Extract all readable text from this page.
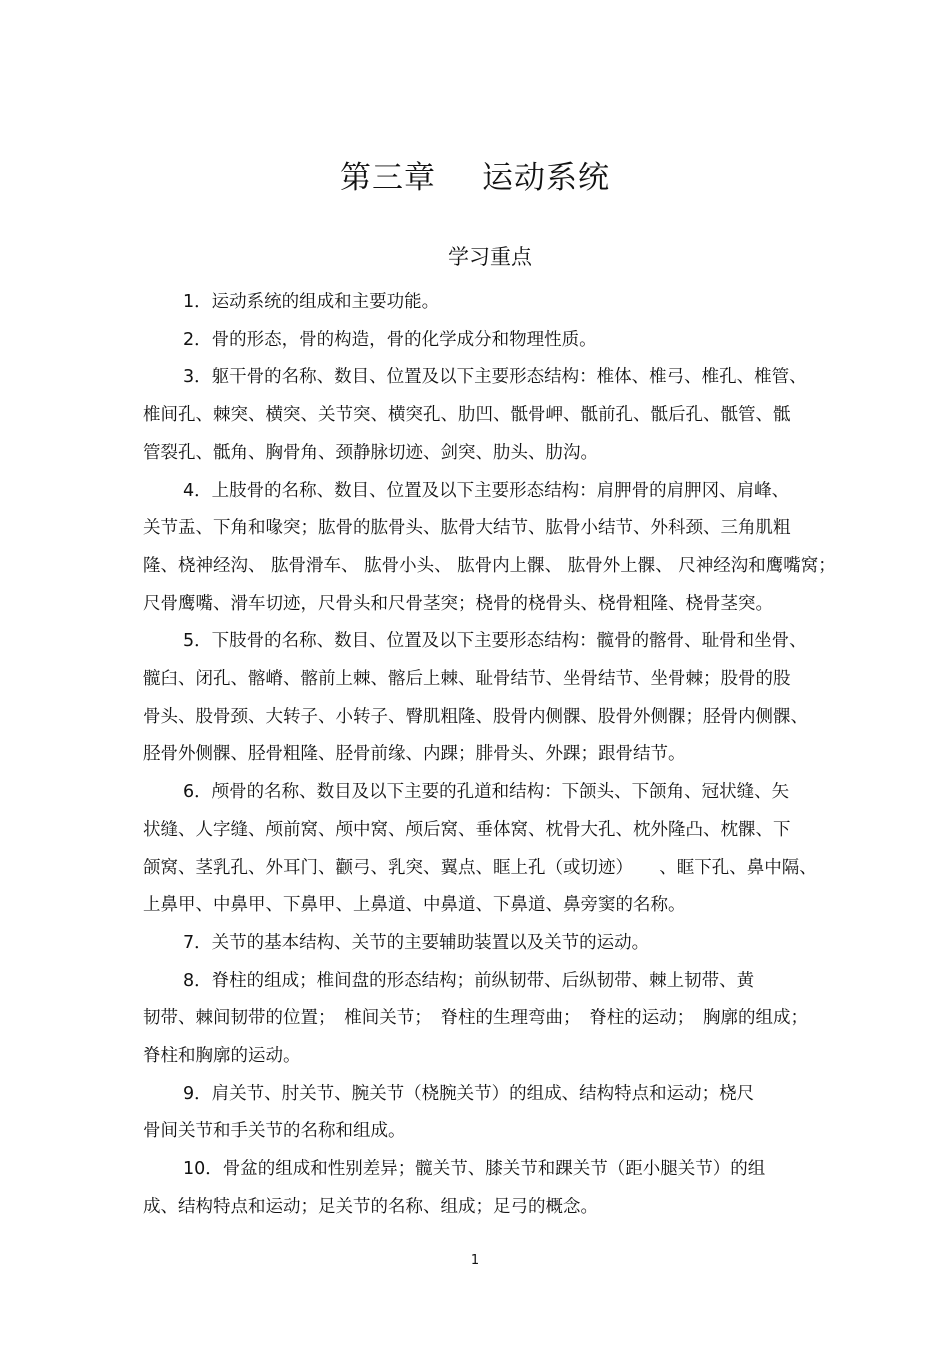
第三章 运动系统
学习重点
1．运动系统的组成和主要功能。
2．骨的形态，骨的构造，骨的化学成分和物理性质。
3．躯干骨的名称、数目、位置及以下主要形态结构：椎体、椎弓、椎孔、椎管、
椎间孔、棘突、横突、关节突、横突孔、肋凹、骶骨岬、骶前孔、骶后孔、骶管、骶
管裂孔、骶角、胸骨角、颈静脉切迹、剑突、肋头、肋沟。
4．上肢骨的名称、数目、位置及以下主要形态结构：肩胛骨的肩胛冈、肩峰、
关节盂、下角和喙突；肱骨的肱骨头、肱骨大结节、肱骨小结节、外科颈、三角肌粗
隆、桡神经沟、 肱骨滑车、 肱骨小头、 肱骨内上髁、 肱骨外上髁、 尺神经沟和鹰嘴窝；
尺骨鹰嘴、滑车切迹，尺骨头和尺骨茎突；桡骨的桡骨头、桡骨粗隆、桡骨茎突。
5．下肢骨的名称、数目、位置及以下主要形态结构：髋骨的髂骨、耻骨和坐骨、
髋臼、闭孔、髂嵴、髂前上棘、髂后上棘、耻骨结节、坐骨结节、坐骨棘；股骨的股
骨头、股骨颈、大转子、小转子、臀肌粗隆、股骨内侧髁、股骨外侧髁；胫骨内侧髁、
胫骨外侧髁、胫骨粗隆、胫骨前缘、内踝；腓骨头、外踝；跟骨结节。
6．颅骨的名称、数目及以下主要的孔道和结构：下颌头、下颌角、冠状缝、矢
状缝、人字缝、颅前窝、颅中窝、颅后窝、垂体窝、枕骨大孔、枕外隆凸、枕髁、下
颌窝、茎乳孔、外耳门、颧弓、乳突、翼点、眶上孔（或切迹）　　、眶下孔、鼻中隔、
上鼻甲、中鼻甲、下鼻甲、上鼻道、中鼻道、下鼻道、鼻旁窦的名称。
7．关节的基本结构、关节的主要辅助装置以及关节的运动。
8．脊柱的组成；椎间盘的形态结构；前纵韧带、后纵韧带、棘上韧带、黄
韧带、棘间韧带的位置；　椎间关节；　脊柱的生理弯曲；　脊柱的运动；　胸廓的组成；
脊柱和胸廓的运动。
9．肩关节、肘关节、腕关节（桡腕关节）的组成、结构特点和运动；桡尺
骨间关节和手关节的名称和组成。
10．骨盆的组成和性别差异；髋关节、膝关节和踝关节（距小腿关节）的组
成、结构特点和运动；足关节的名称、组成；足弓的概念。
1
